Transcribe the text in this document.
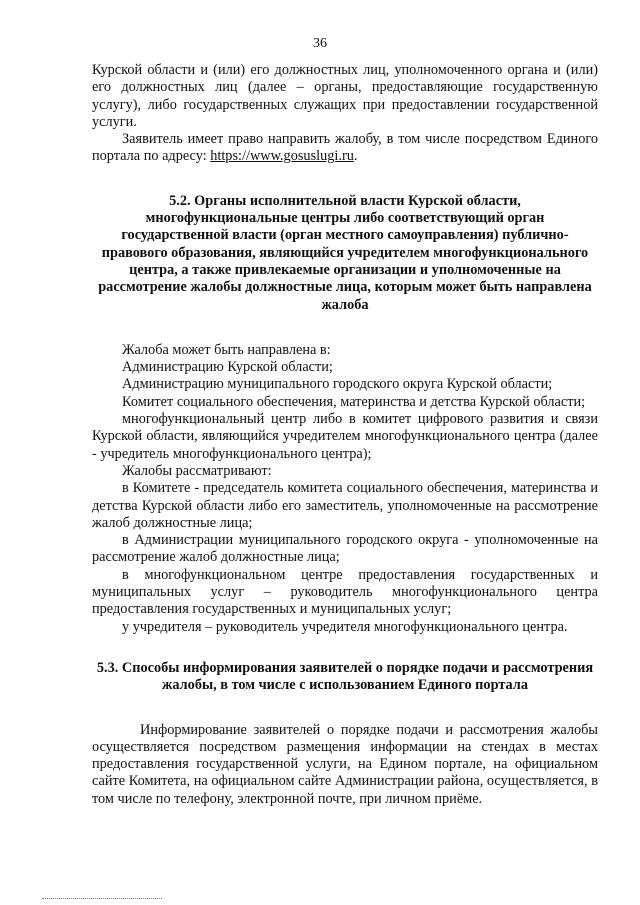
36

Курской области и (или) его должностных лиц, уполномоченного органа и (или) его должностных лиц (далее – органы, предоставляющие государственную услугу), либо государственных служащих при предоставлении государственной услуги.

Заявитель имеет право направить жалобу, в том числе посредством Единого портала по адресу: https://www.gosuslugi.ru.

5.2. Органы исполнительной власти Курской области, многофункциональные центры либо соответствующий орган государственной власти (орган местного самоуправления) публично-правового образования, являющийся учредителем многофункционального центра, а также привлекаемые организации и уполномоченные на рассмотрение жалобы должностные лица, которым может быть направлена жалоба

Жалоба может быть направлена в:

Администрацию Курской области;

Администрацию муниципального городского округа Курской области;

Комитет социального обеспечения, материнства и детства Курской области;

многофункциональный центр либо в комитет цифрового развития и связи Курской области, являющийся учредителем многофункционального центра (далее - учредитель многофункционального центра);

Жалобы рассматривают:

в Комитете - председатель комитета социального обеспечения, материнства и детства Курской области либо его заместитель, уполномоченные на рассмотрение жалоб должностные лица;

в Администрации муниципального городского округа - уполномоченные на рассмотрение жалоб должностные лица;

в многофункциональном центре предоставления государственных и муниципальных услуг – руководитель многофункционального центра предоставления государственных и муниципальных услуг;

у учредителя – руководитель учредителя многофункционального центра.

5.3. Способы информирования заявителей о порядке подачи и рассмотрения жалобы, в том числе с использованием Единого портала

Информирование заявителей о порядке подачи и рассмотрения жалобы осуществляется посредством размещения информации на стендах в местах предоставления государственной услуги, на Едином портале, на официальном сайте Комитета, на официальном сайте Администрации района, осуществляется, в том числе по телефону, электронной почте, при личном приёме.
